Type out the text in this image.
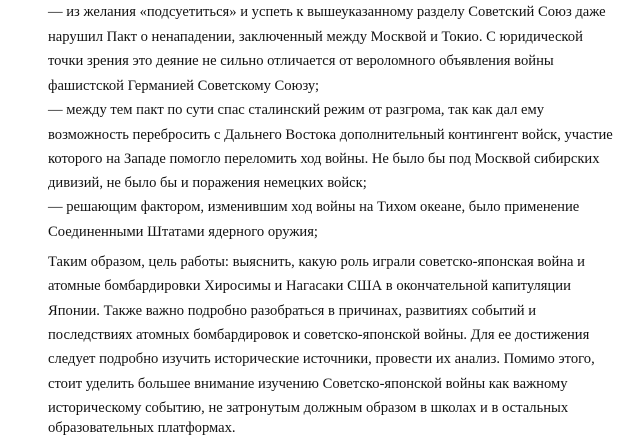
— из желания «подсуетиться» и успеть к вышеуказанному разделу Советский Союз даже
нарушил Пакт о ненападении, заключенный между Москвой и Токио. С юридической
точки зрения это деяние не сильно отличается от вероломного объявления войны
фашистской Германией Советскому Союзу;
— между тем пакт по сути спас сталинский режим от разгрома, так как дал ему
возможность перебросить с Дальнего Востока дополнительный контингент войск, участие
которого на Западе помогло переломить ход войны. Не было бы под Москвой сибирских
дивизий, не было бы и поражения немецких войск;
— решающим фактором, изменившим ход войны на Тихом океане, было применение
Соединенными Штатами ядерного оружия;
Таким образом, цель работы: выяснить, какую роль играли советско-японская война и
атомные бомбардировки Хиросимы и Нагасаки США в окончательной капитуляции
Японии. Также важно подробно разобраться в причинах, развитиях событий и
последствиях атомных бомбардировок и советско-японской войны. Для ее достижения
следует подробно изучить исторические источники, провести их анализ. Помимо этого,
стоит уделить большее внимание изучению Советско-японской войны как важному
историческому событию, не затронутым должным образом в школах и в остальных
образовательных платформах.
